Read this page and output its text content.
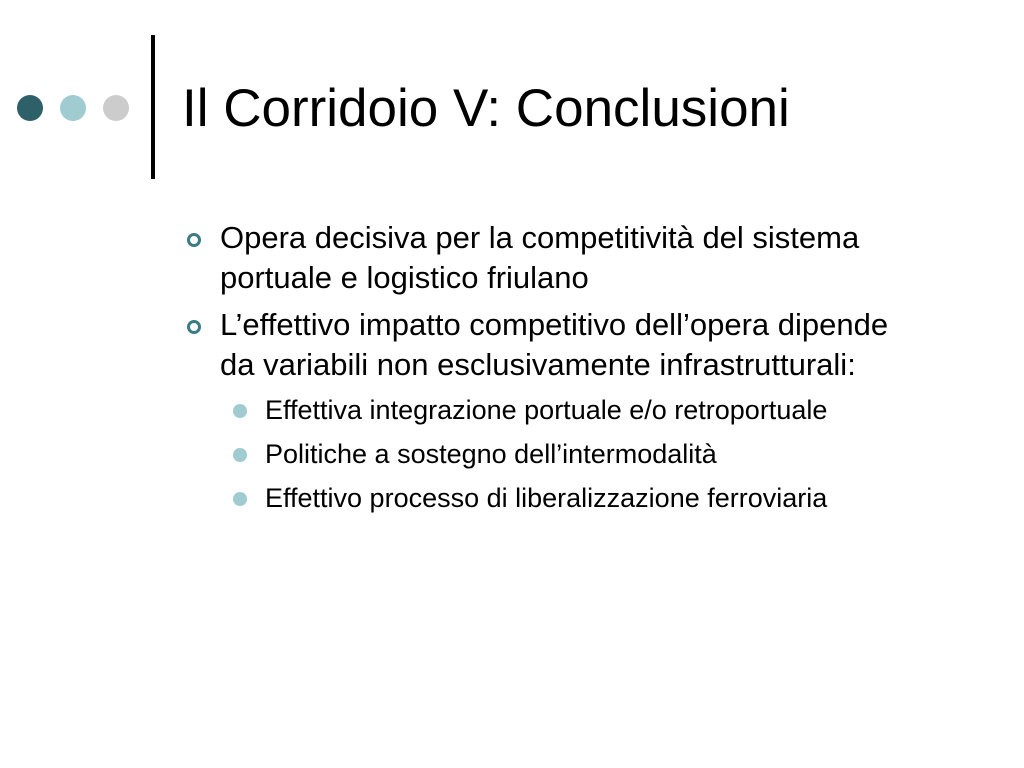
Il Corridoio V: Conclusioni
Opera decisiva per la competitività del sistema portuale e logistico friulano
L’effettivo impatto competitivo dell’opera dipende da variabili non esclusivamente infrastrutturali:
Effettiva integrazione portuale e/o retroportuale
Politiche a sostegno dell’intermodalità
Effettivo processo di liberalizzazione ferroviaria
